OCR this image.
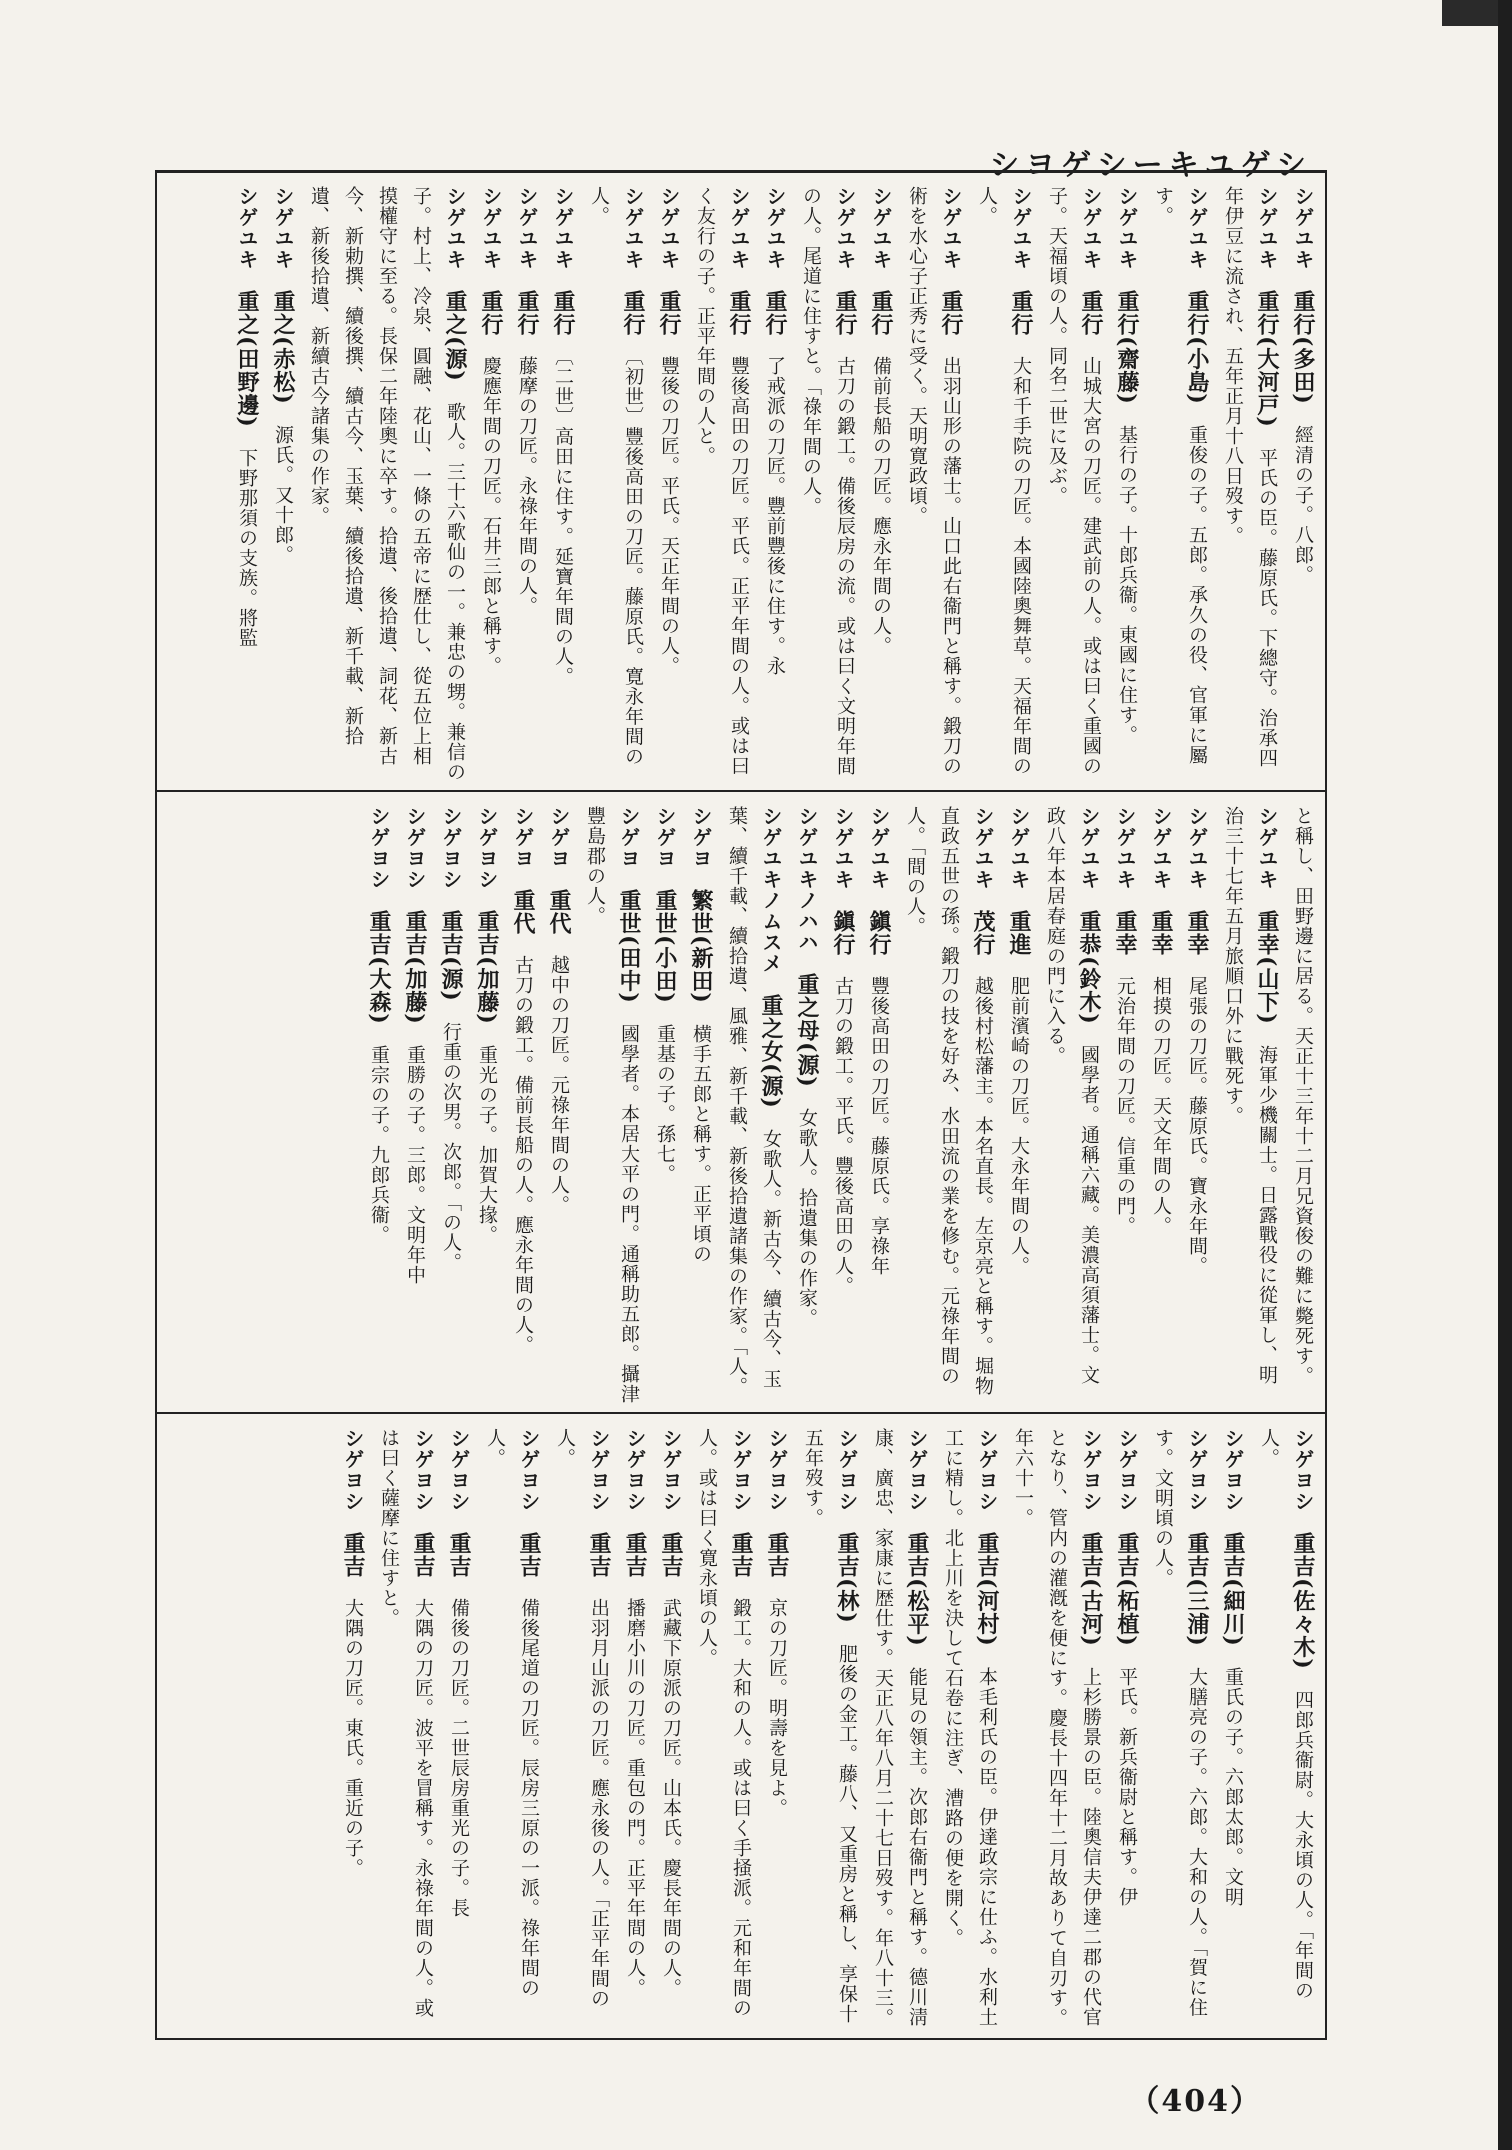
シヨゲシーキユゲシ
シゲユキ　重行(多田)　經清の子。八郎。
シゲユキ　重行(大河戸)　平氏の臣。藤原氏。下總守。治承四年伊豆に流され、五年正月十八日歿す。
シゲユキ　重行(小島)　重俊の子。五郎。承久の役、官軍に屬す。
シゲユキ　重行(齋藤)　基行の子。十郎兵衞。東國に住す。
シゲユキ　重行　山城大宮の刀匠。建武前の人。或は曰く重國の子。天福頃の人。同名二世に及ぶ。
シゲユキ　重行　大和千手院の刀匠。本國陸奧舞草。天福年間の人。
シゲユキ　重行　出羽山形の藩士。山口此右衞門と稱す。鍛刀の術を水心子正秀に受く。天明寛政頃。
シゲユキ　重行　備前長船の刀匠。應永年間の人。
シゲユキ　重行　古刀の鍛工。備後辰房の流。或は曰く文明年間の人。尾道に住すと。「祿年間の人。
シゲユキ　重行　了戒派の刀匠。豐前豐後に住す。永
シゲユキ　重行　豐後高田の刀匠。平氏。正平年間の人。或は曰く友行の子。正平年間の人と。
シゲユキ　重行　豐後の刀匠。平氏。天正年間の人。
シゲユキ　重行　〔初世〕豐後高田の刀匠。藤原氏。寛永年間の人。
シゲユキ　重行　〔二世〕高田に住す。延寶年間の人。
シゲユキ　重行　藤摩の刀匠。永祿年間の人。
シゲユキ　重行　慶應年間の刀匠。石井三郎と稱す。
シゲユキ　重之(源)　歌人。三十六歌仙の一。兼忠の甥。兼信の子。村上、冷泉、圓融、花山、一條の五帝に歴仕し、從五位上相摸權守に至る。長保二年陸奧に卒す。拾遺、後拾遺、詞花、新古今、新勅撰、續後撰、續古今、玉葉、續後拾遺、新千載、新拾遺、新後拾遺、新續古今諸集の作家。
シゲユキ　重之(赤松)　源氏。又十郎。
シゲユキ　重之(田野邊)　下野那須の支族。將監
と稱し、田野邊に居る。天正十三年十二月兄資俊の難に斃死す。
シゲユキ　重幸(山下)　海軍少機關士。日露戰役に從軍し、明治三十七年五月旅順口外に戰死す。
シゲユキ　重幸　尾張の刀匠。藤原氏。寶永年間。
シゲユキ　重幸　相摸の刀匠。天文年間の人。
シゲユキ　重幸　元治年間の刀匠。信重の門。
シゲユキ　重恭(鈴木)　國學者。通稱六藏。美濃高須藩士。文政八年本居春庭の門に入る。
シゲユキ　重進　肥前濱崎の刀匠。大永年間の人。
シゲユキ　茂行　越後村松藩主。本名直長。左京亮と稱す。堀物直政五世の孫。鍛刀の技を好み、水田流の業を修む。元祿年間の人。「間の人。
シゲユキ　鎭行　豐後高田の刀匠。藤原氏。享祿年
シゲユキ　鎭行　古刀の鍛工。平氏。豐後高田の人。
シゲユキノハハ　重之母(源)　女歌人。拾遺集の作家。
シゲユキノムスメ　重之女(源)　女歌人。新古今、續古今、玉葉、續千載、續拾遺、風雅、新千載、新後拾遺諸集の作家。「人。
シゲヨ　繁世(新田)　横手五郎と稱す。正平頃の
シゲヨ　重世(小田)　重基の子。孫七。
シゲヨ　重世(田中)　國學者。本居大平の門。通稱助五郎。攝津豐島郡の人。
シゲヨ　重代　越中の刀匠。元祿年間の人。
シゲヨ　重代　古刀の鍛工。備前長船の人。應永年間の人。
シゲヨシ　重吉(加藤)　重光の子。加賀大掾。
シゲヨシ　重吉(源)　行重の次男。次郎。「の人。
シゲヨシ　重吉(加藤)　重勝の子。三郎。文明年中
シゲヨシ　重吉(大森)　重宗の子。九郎兵衞。
シゲヨシ　重吉(佐々木)　四郎兵衞尉。大永頃の人。「年間の人。
シゲヨシ　重吉(細川)　重氏の子。六郎太郎。文明
シゲヨシ　重吉(三浦)　大膳亮の子。六郎。大和の人。「賀に住す。文明頃の人。
シゲヨシ　重吉(柘植)　平氏。新兵衞尉と稱す。伊
シゲヨシ　重吉(古河)　上杉勝景の臣。陸奧信夫伊達二郡の代官となり、管内の灌漑を便にす。慶長十四年十二月故ありて自刃す。年六十一。
シゲヨシ　重吉(河村)　本毛利氏の臣。伊達政宗に仕ふ。水利土工に精し。北上川を決して石卷に注ぎ、漕路の便を開く。
シゲヨシ　重吉(松平)　能見の領主。次郎右衞門と稱す。德川淸康、廣忠、家康に歴仕す。天正八年八月二十七日歿す。年八十三。
シゲヨシ　重吉(林)　肥後の金工。藤八、又重房と稱し、享保十五年歿す。
シゲヨシ　重吉　京の刀匠。明壽を見よ。
シゲヨシ　重吉　鍛工。大和の人。或は曰く手掻派。元和年間の人。或は曰く寛永頃の人。
シゲヨシ　重吉　武藏下原派の刀匠。山本氏。慶長年間の人。
シゲヨシ　重吉　播磨小川の刀匠。重包の門。正平年間の人。
シゲヨシ　重吉　出羽月山派の刀匠。應永後の人。「正平年間の人。
シゲヨシ　重吉　備後尾道の刀匠。辰房三原の一派。祿年間の人。
シゲヨシ　重吉　備後の刀匠。二世辰房重光の子。長
シゲヨシ　重吉　大隅の刀匠。波平を冒稱す。永祿年間の人。或は曰く薩摩に住すと。
シゲヨシ　重吉　大隅の刀匠。東氏。重近の子。
（404）
